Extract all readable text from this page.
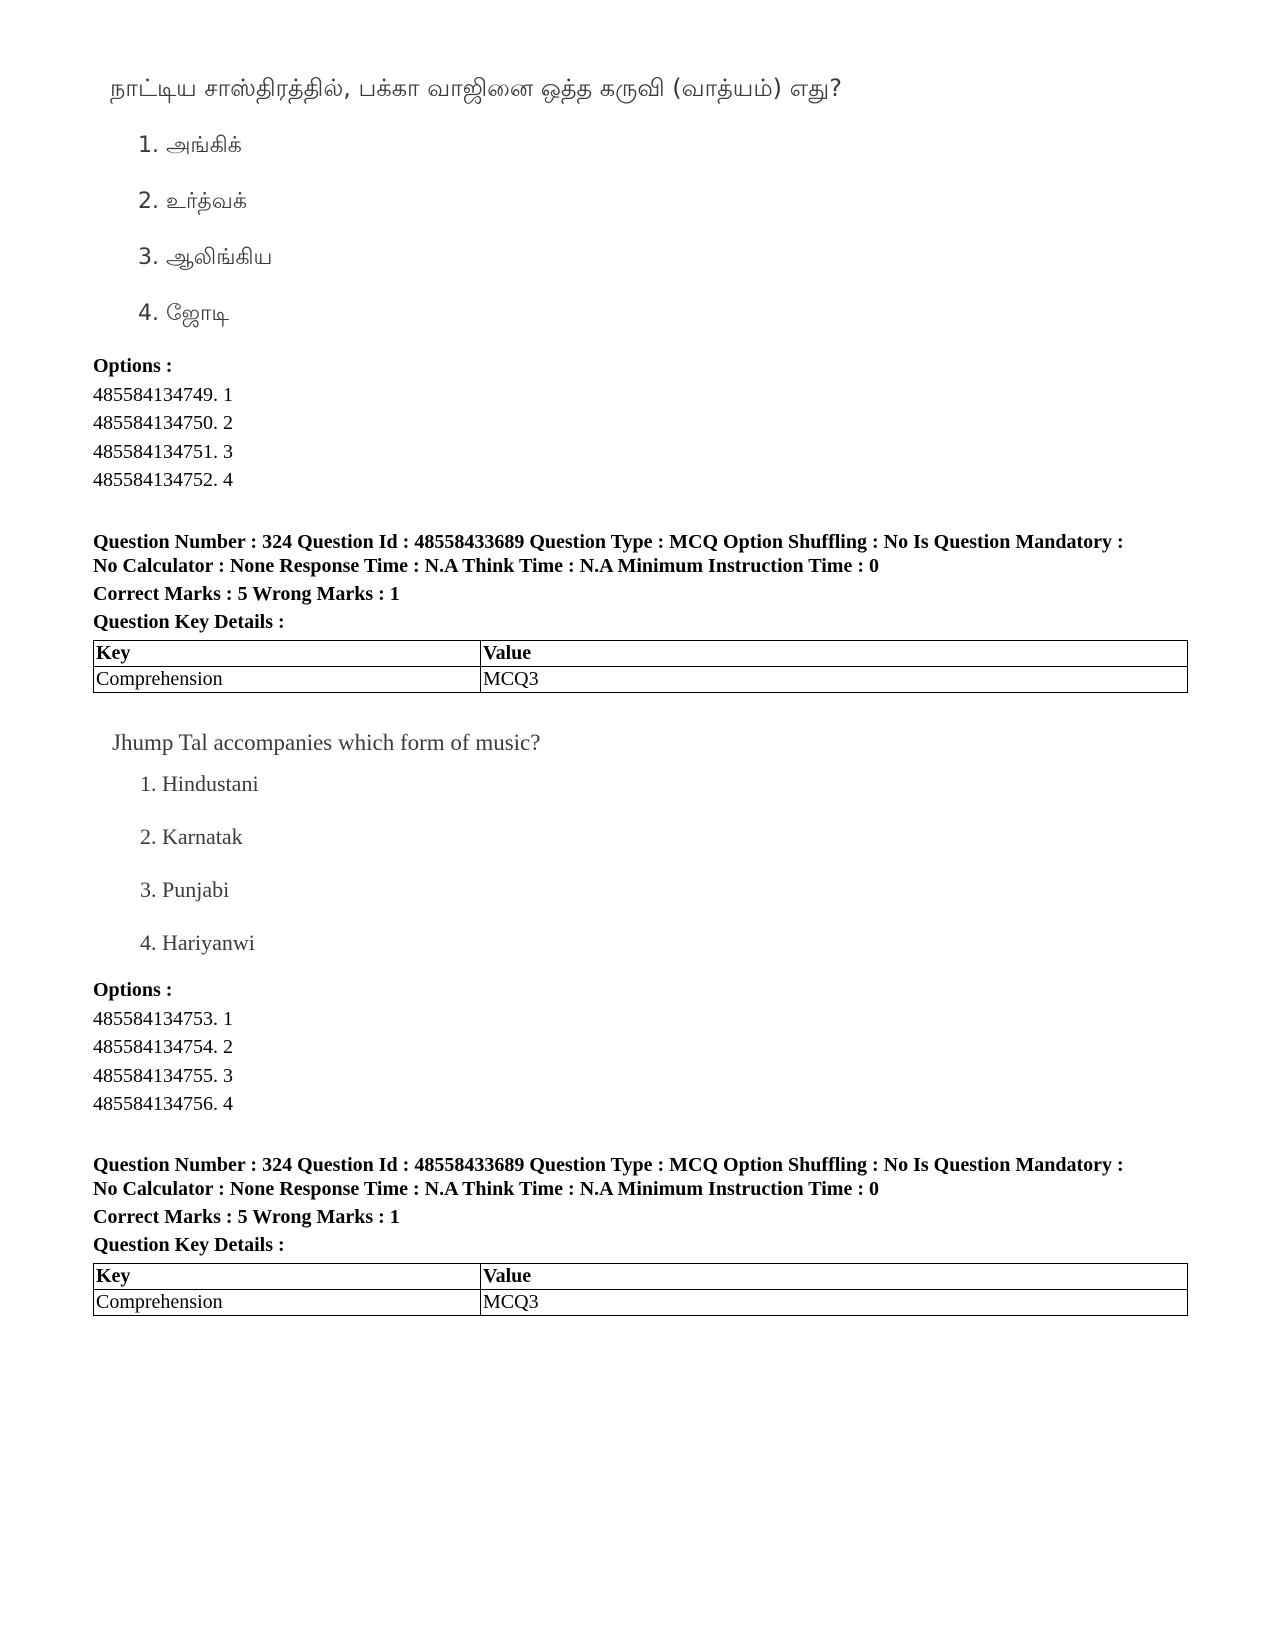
நாட்டிய சாஸ்திரத்தில், பக்கா வாஜினை ஒத்த கருவி (வாத்யம்) எது?
1. அங்கிக்
2. உர்த்வக்
3. ஆலிங்கிய
4. ஜோடி
Options :
485584134749. 1
485584134750. 2
485584134751. 3
485584134752. 4
Question Number : 324 Question Id : 48558433689 Question Type : MCQ Option Shuffling : No Is Question Mandatory :
No Calculator : None Response Time : N.A Think Time : N.A Minimum Instruction Time : 0
Correct Marks : 5 Wrong Marks : 1
Question Key Details :
Key	Value
Comprehension	MCQ3
Jhump Tal accompanies which form of music?
1. Hindustani
2. Karnatak
3. Punjabi
4. Hariyanwi
Options :
485584134753. 1
485584134754. 2
485584134755. 3
485584134756. 4
Question Number : 324 Question Id : 48558433689 Question Type : MCQ Option Shuffling : No Is Question Mandatory :
No Calculator : None Response Time : N.A Think Time : N.A Minimum Instruction Time : 0
Correct Marks : 5 Wrong Marks : 1
Question Key Details :
Key	Value
Comprehension	MCQ3
